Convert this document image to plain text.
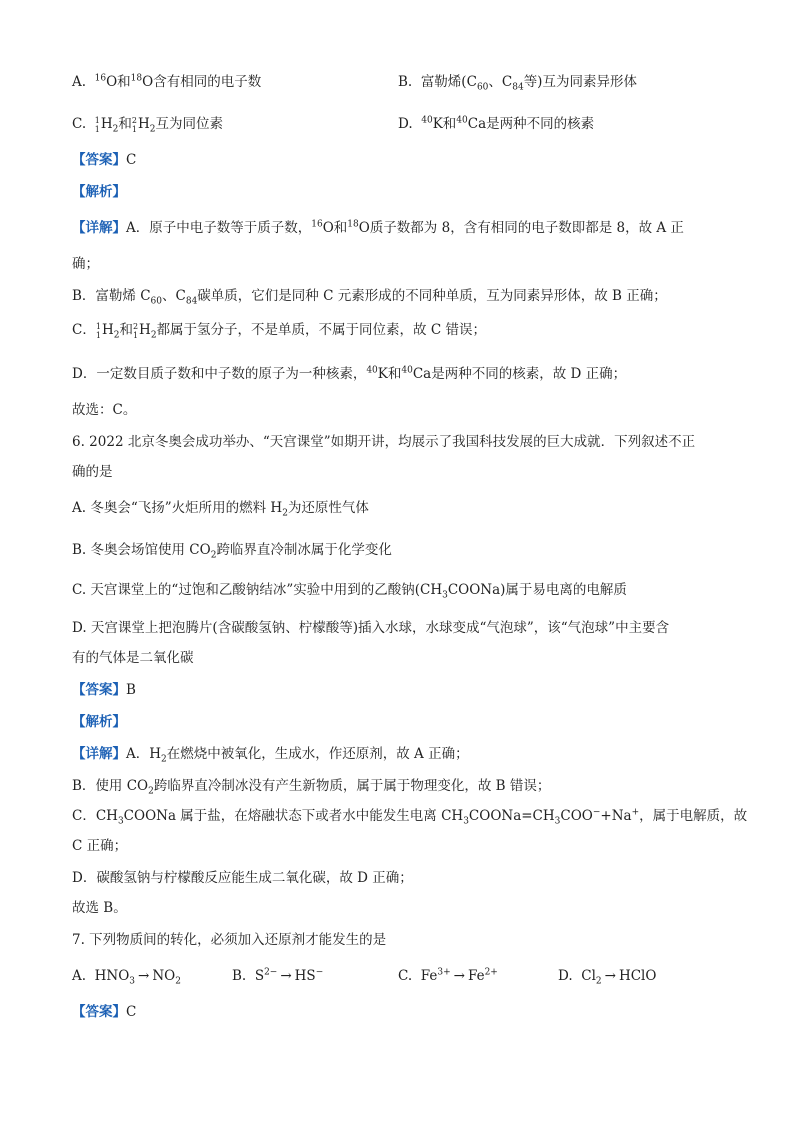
A. $^{16}$O和$^{18}$O含有相同的电子数	B. 富勒烯($C_{60}$、$C_{84}$等)互为同素异形体
C. 1
1 $H_2$和 2
1 $H_2$互为同位素	D. $^{40}$K和$^{40}$Ca是两种不同的核素
【答案】C
【解析】
【详解】A．原子中电子数等于质子数，$^{16}$O和$^{18}$O质子数都为 8，含有相同的电子数即都是 8，故 A 正
确；
B．富勒烯 $C_{60}$、$C_{84}$碳单质，它们是同种 C 元素形成的不同种单质，互为同素异形体，故 B 正确；
C． 1
1 $H_2$和 2
1 $H_2$都属于氢分子，不是单质，不属于同位素，故 C 错误；
D．一定数目质子数和中子数的原子为一种核素，$^{40}$K和$^{40}$Ca是两种不同的核素，故 D 正确；
故选：C。
6. 2022 北京冬奥会成功举办、“天宫课堂”如期开讲，均展示了我国科技发展的巨大成就．下列叙述不正
确的是
A. 冬奥会“飞扬”火炬所用的燃料 $H_2$为还原性气体
B. 冬奥会场馆使用 $CO_2$跨临界直冷制冰属于化学变化
C. 天宫课堂上的“过饱和乙酸钠结冰”实验中用到的乙酸钠$(CH_3COONa)$属于易电离的电解质
D. 天宫课堂上把泡腾片(含碳酸氢钠、柠檬酸等)插入水球，水球变成“气泡球”，该“气泡球”中主要含
有的气体是二氧化碳
【答案】B
【解析】
【详解】A．$H_2$在燃烧中被氧化，生成水，作还原剂，故 A 正确；
B．使用 $CO_2$跨临界直冷制冰没有产生新物质，属于属于物理变化，故 B 错误；
C．$CH_3COONa$ 属于盐，在熔融状态下或者水中能发生电离 $CH_3COONa=CH_3COO^-+Na^+$，属于电解质，故
C 正确；
D．碳酸氢钠与柠檬酸反应能生成二氧化碳，故 D 正确；
故选 B。
7. 下列物质间的转化，必须加入还原剂才能发生的是
A. $HNO_3 \to NO_2$	B. $S^{2-} \to HS^-$	C. $Fe^{3+} \to Fe^{2+}$	D. $Cl_2$ → HClO
【答案】C
